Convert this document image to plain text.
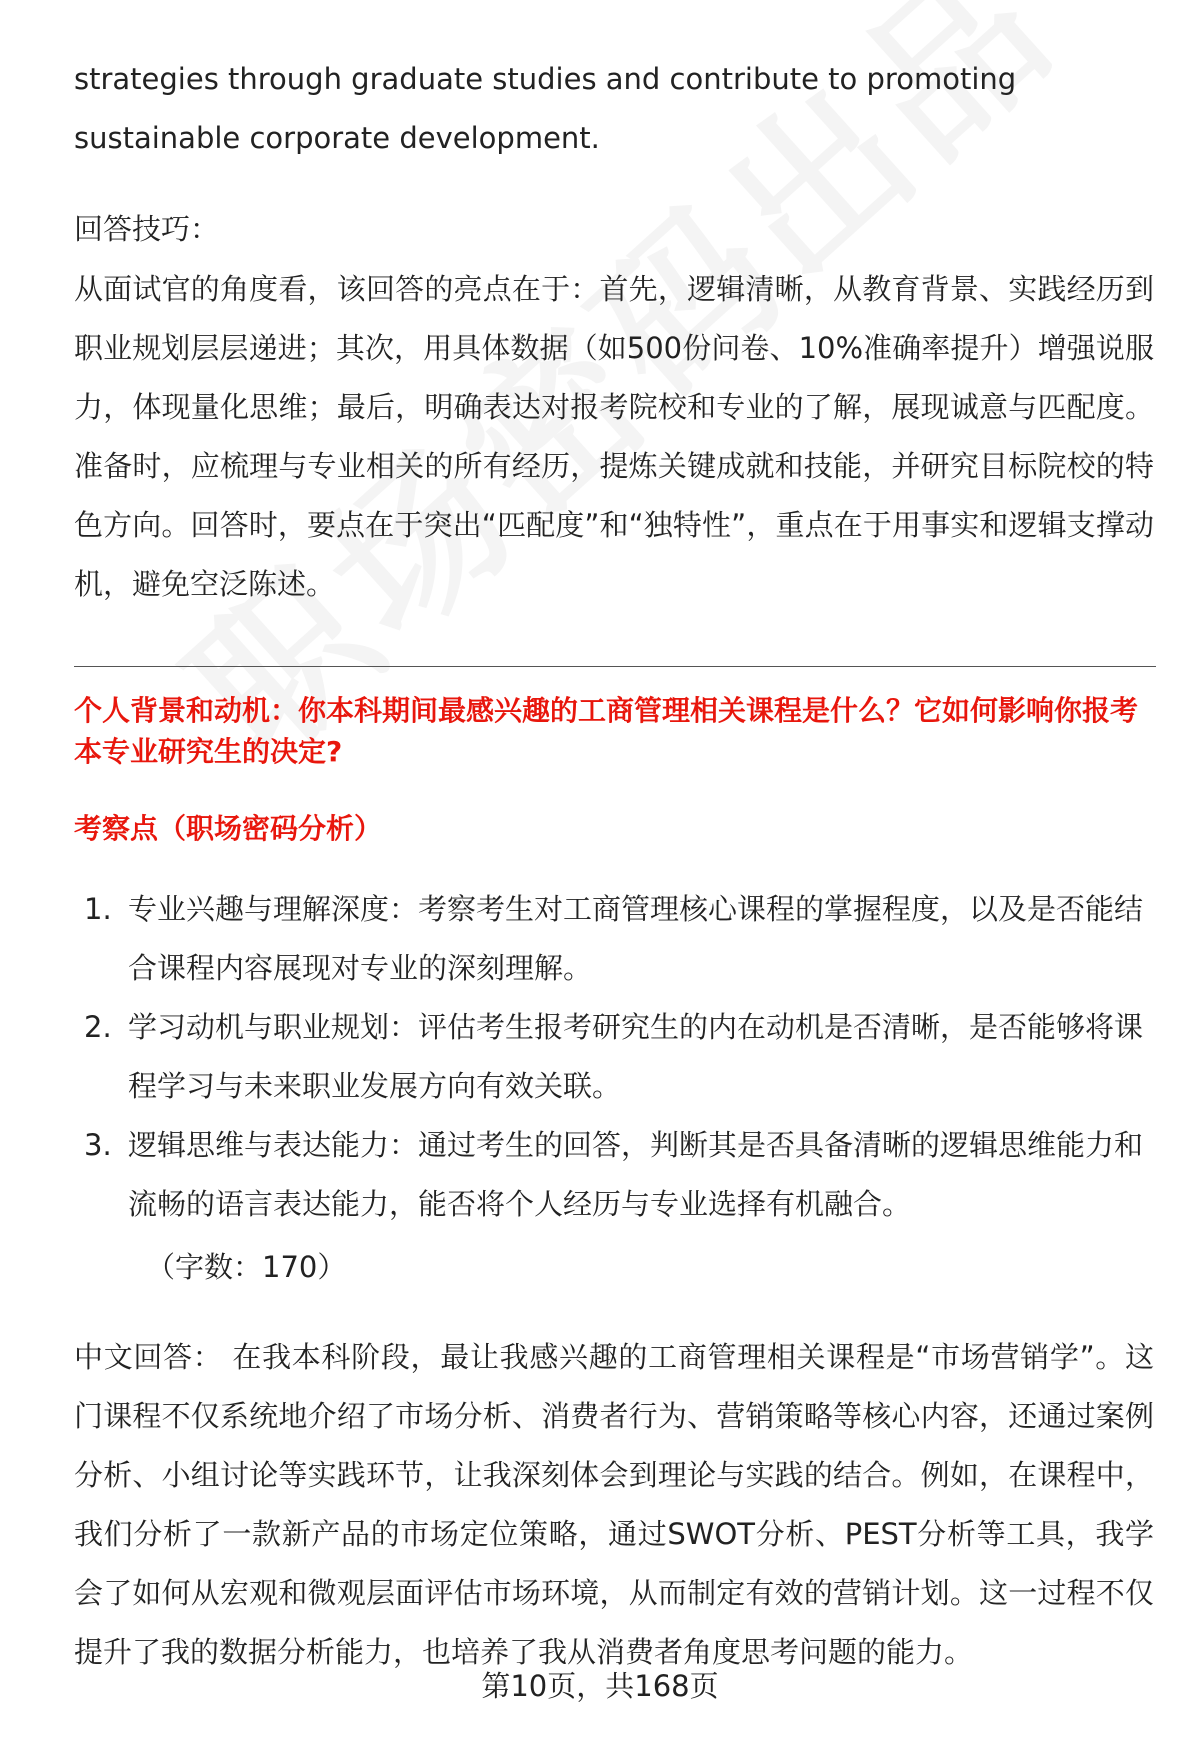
strategies through graduate studies and contribute to promoting sustainable corporate development.
回答技巧：
从面试官的角度看，该回答的亮点在于：首先，逻辑清晰，从教育背景、实践经历到职业规划层层递进；其次，用具体数据（如500份问卷、10%准确率提升）增强说服力，体现量化思维；最后，明确表达对报考院校和专业的了解，展现诚意与匹配度。准备时，应梳理与专业相关的所有经历，提炼关键成就和技能，并研究目标院校的特色方向。回答时，要点在于突出“匹配度”和“独特性”，重点在于用事实和逻辑支撑动机，避免空泛陈述。
个人背景和动机：你本科期间最感兴趣的工商管理相关课程是什么？它如何影响你报考本专业研究生的决定?
考察点（职场密码分析）
1. 专业兴趣与理解深度：考察考生对工商管理核心课程的掌握程度，以及是否能结合课程内容展现对专业的深刻理解。
2. 学习动机与职业规划：评估考生报考研究生的内在动机是否清晰，是否能够将课程学习与未来职业发展方向有效关联。
3. 逻辑思维与表达能力：通过考生的回答，判断其是否具备清晰的逻辑思维能力和流畅的语言表达能力，能否将个人经历与专业选择有机融合。
（字数：170）
中文回答： 在我本科阶段，最让我感兴趣的工商管理相关课程是“市场营销学”。这门课程不仅系统地介绍了市场分析、消费者行为、营销策略等核心内容，还通过案例分析、小组讨论等实践环节，让我深刻体会到理论与实践的结合。例如，在课程中，我们分析了一款新产品的市场定位策略，通过SWOT分析、PEST分析等工具，我学会了如何从宏观和微观层面评估市场环境，从而制定有效的营销计划。这一过程不仅提升了我的数据分析能力，也培养了我从消费者角度思考问题的能力。
第10页，共168页
